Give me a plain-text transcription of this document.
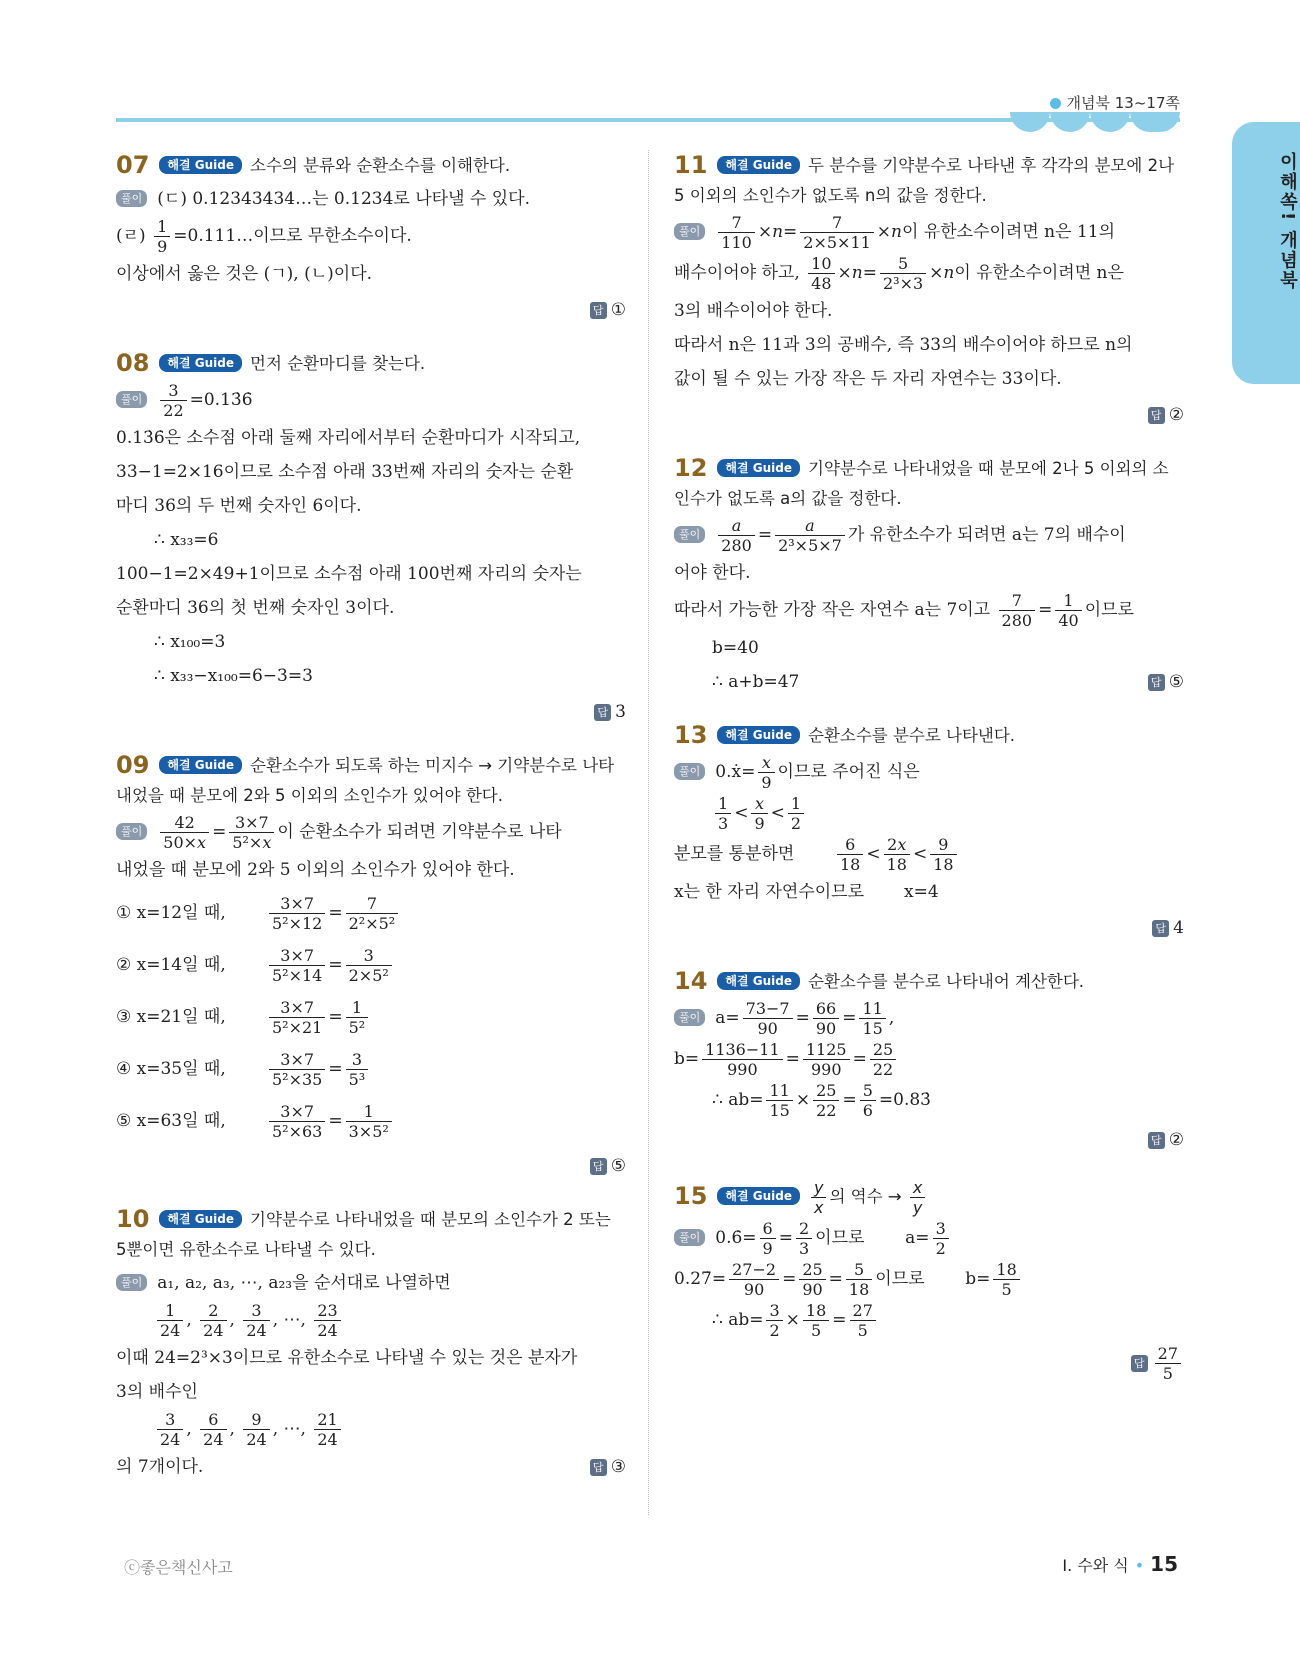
개념북 13~17쪽
이해쏙! 개념북
07 해결 Guide 소수의 분류와 순환소수를 이해한다.
풀이 (ㄷ) 0.12343434…는 0.1234̇로 나타낼 수 있다.
(ㄹ) $\frac{1}{9}$ =0.111…이므로 무한소수이다.
이상에서 옳은 것은 (ㄱ), (ㄴ)이다.
답 ①
08 해결 Guide 먼저 순환마디를 찾는다.
풀이 $\frac{3}{22}$ =0.13̇6̇
0.13̇6̇은 소수점 아래 둘째 자리에서부터 순환마디가 시작되고,
33−1=2×16이므로 소수점 아래 33번째 자리의 숫자는 순환
마디 36의 두 번째 숫자인 6이다.
∴ x₃₃=6
100−1=2×49+1이므로 소수점 아래 100번째 자리의 숫자는
순환마디 36의 첫 번째 숫자인 3이다.
∴ x₁₀₀=3
∴ x₃₃−x₁₀₀=6−3=3
답 3
09 해결 Guide 순환소수가 되도록 하는 미지수 → 기약분수로 나타내었을 때 분모에 2와 5 이외의 소인수가 있어야 한다.
풀이 $\frac{42}{50\times x} = \frac{3\times 7}{\text{5²×x}}$ 이 순환소수가 되려면 기약분수로 나타
내었을 때 분모에 2와 5 이외의 소인수가 있어야 한다.
① x=12일 때,	$\frac{3\times 7}{\text{5²×12}} = \frac{7}{\text{2²×5²}}$
② x=14일 때,	$\frac{3\times 7}{\text{5²×14}} = \frac{3}{\text{2×5²}}$
③ x=21일 때,	$\frac{3\times 7}{\text{5²×21}} = \frac{1}{\text{5²}}$
④ x=35일 때,	$\frac{3\times 7}{\text{5²×35}} = \frac{3}{\text{5³}}$
⑤ x=63일 때,	$\frac{3\times 7}{\text{5²×63}} = \frac{1}{\text{3×5²}}$
답 ⑤
10 해결 Guide 기약분수로 나타내었을 때 분모의 소인수가 2 또는 5뿐이면 유한소수로 나타낼 수 있다.
풀이 a₁, a₂, a₃, ⋯, a₂₃을 순서대로 나열하면
$\frac{1}{24}$ , $\frac{2}{24}$ , $\frac{3}{24}$ , ⋯, $\frac{23}{24}$
이때 24=2³×3이므로 유한소수로 나타낼 수 있는 것은 분자가
3의 배수인
$\frac{3}{24}$ , $\frac{6}{24}$ , $\frac{9}{24}$ , ⋯, $\frac{21}{24}$
의 7개이다.	답 ③
11 해결 Guide 두 분수를 기약분수로 나타낸 후 각각의 분모에 2나 5 이외의 소인수가 없도록 n의 값을 정한다.
풀이 $\frac{7}{110} \times n= \frac{7}{2\times 5\times 11} \times n$이 유한소수이려면 n은 11의
배수이어야 하고, $\frac{10}{48} \times n= \frac{5}{\text{2³×3}} \times n$이 유한소수이려면 n은
3의 배수이어야 한다.
따라서 n은 11과 3의 공배수, 즉 33의 배수이어야 하므로 n의
값이 될 수 있는 가장 작은 두 자리 자연수는 33이다.
답 ②
12 해결 Guide 기약분수로 나타내었을 때 분모에 2나 5 이외의 소인수가 없도록 a의 값을 정한다.
풀이 $\frac{a}{280} = \frac{a}{\text{2³×5×7}}$ 가 유한소수가 되려면 a는 7의 배수이
어야 한다.
따라서 가능한 가장 작은 자연수 a는 7이고 $\frac{7}{280} = \frac{1}{40}$ 이므로
b=40
∴ a+b=47	답 ⑤
13 해결 Guide 순환소수를 분수로 나타낸다.
풀이 0.ẋ= $\frac{x}{9}$ 이므로 주어진 식은
$\frac{1}{3} < \frac{x}{9} < \frac{1}{2}$
분모를 통분하면	$\frac{6}{18} < \frac{2x}{18} < \frac{9}{18}$
x는 한 자리 자연수이므로 x=4
답 4
14 해결 Guide 순환소수를 분수로 나타내어 계산한다.
풀이 $a= \frac{73-7}{90} = \frac{66}{90} = \frac{11}{15}$ ,
$b= \frac{1136-11}{990} = \frac{1125}{990} = \frac{25}{22}$
∴ $ab= \frac{11}{15} \times \frac{25}{22} = \frac{5}{6}$ =0.83̇
답 ②
15 해결 Guide $\frac{y}{x}$ 의 역수 → $\frac{x}{y}$
풀이 0.6̇= $\frac{6}{9} = \frac{2}{3}$ 이므로 $a= \frac{3}{2}$
0.27̇= $\frac{27-2}{90} = \frac{25}{90} = \frac{5}{18}$ 이므로 $b= \frac{18}{5}$
∴ $ab= \frac{3}{2} \times \frac{18}{5} = \frac{27}{5}$
답 $\frac{27}{5}$
ⓒ좋은책신사고	Ⅰ. 수와 식 • 15
